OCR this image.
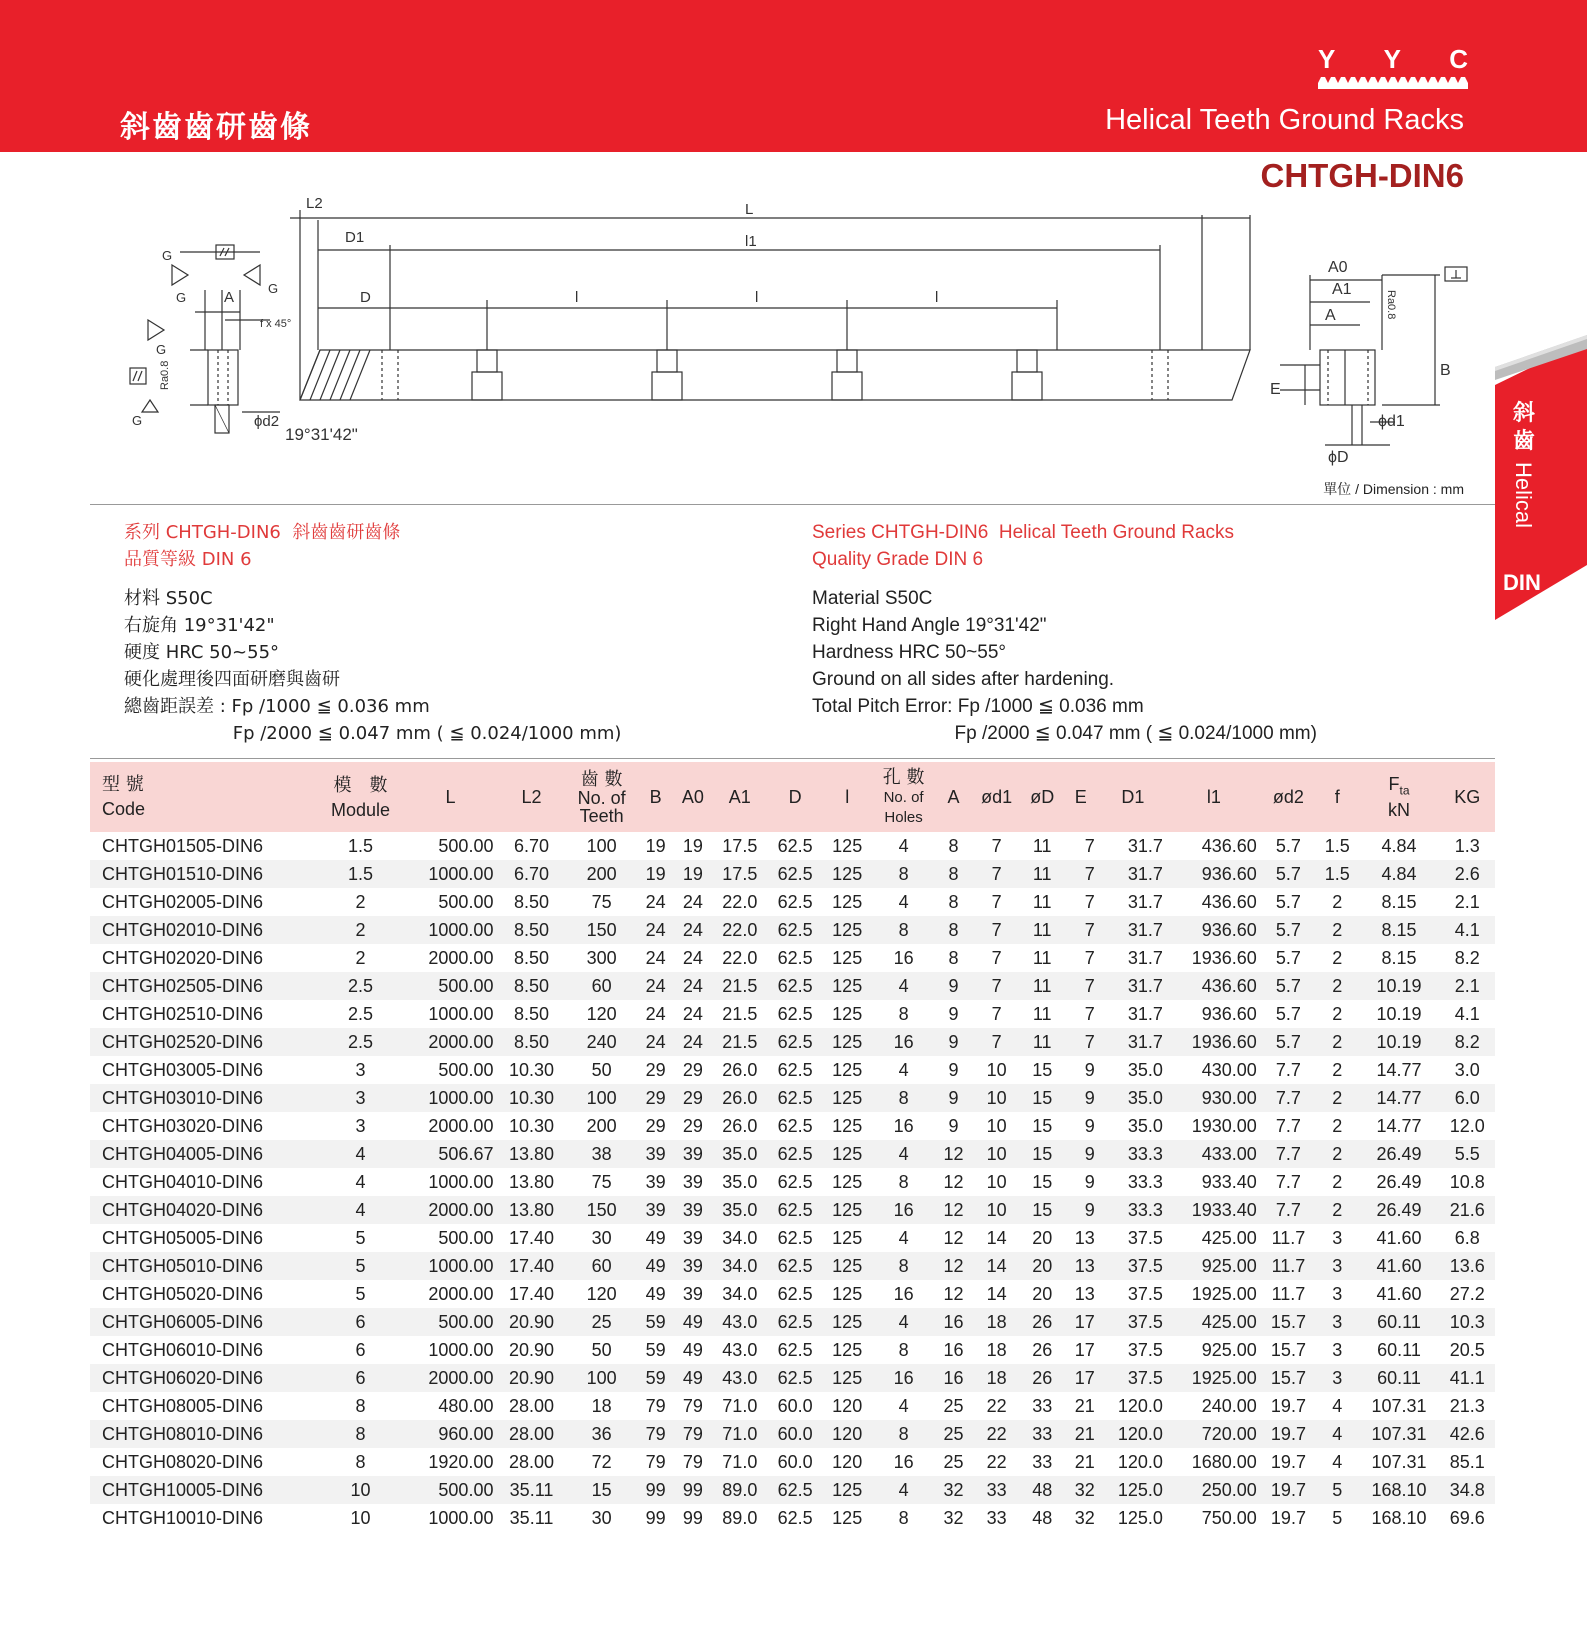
斜齒齒研齒條	Helical Teeth Ground Racks
Y Y C
CHTGH-DIN6
G
G
G
G
G
A
f x 45°
Ra0.8
ϕd2
19°31'42"
L2	L
D1	l1
D	l	l	l
A0
A1
A
B
E
ϕd1
ϕD
Ra0.8
單位 / Dimension : mm
斜
齒
Helical
DIN
系列 CHTGH-DIN6  斜齒齒研齒條
品質等級 DIN 6
材料 S50C
右旋角 19°31'42"
硬度 HRC 50~55°
硬化處理後四面研磨與齒研
總齒距誤差 : Fp /1000 ≦ 0.036 mm
Fp /2000 ≦ 0.047 mm ( ≦ 0.024/1000 mm)
Series CHTGH-DIN6  Helical Teeth Ground Racks
Quality Grade DIN 6
Material S50C
Right Hand Angle 19°31'42"
Hardness HRC 50~55°
Ground on all sides after hardening.
Total Pitch Error: Fp /1000 ≦ 0.036 mm
Fp /2000 ≦ 0.047 mm ( ≦ 0.024/1000 mm)
型 號
Code	模　數
Module	L	L2	齒 數
No. of
Teeth	B	A0	A1	D	l	孔 數
No. of
Holes	A	ød1	øD	E	D1	l1	ød2	f	$F_{ta}$
kN	KG
CHTGH01505-DIN6	1.5	500.00	6.70	100	19	19	17.5	62.5	125	4	8	7	11	7	31.7	436.60	5.7	1.5	4.84	1.3
CHTGH01510-DIN6	1.5	1000.00	6.70	200	19	19	17.5	62.5	125	8	8	7	11	7	31.7	936.60	5.7	1.5	4.84	2.6
CHTGH02005-DIN6	2	500.00	8.50	75	24	24	22.0	62.5	125	4	8	7	11	7	31.7	436.60	5.7	2	8.15	2.1
CHTGH02010-DIN6	2	1000.00	8.50	150	24	24	22.0	62.5	125	8	8	7	11	7	31.7	936.60	5.7	2	8.15	4.1
CHTGH02020-DIN6	2	2000.00	8.50	300	24	24	22.0	62.5	125	16	8	7	11	7	31.7	1936.60	5.7	2	8.15	8.2
CHTGH02505-DIN6	2.5	500.00	8.50	60	24	24	21.5	62.5	125	4	9	7	11	7	31.7	436.60	5.7	2	10.19	2.1
CHTGH02510-DIN6	2.5	1000.00	8.50	120	24	24	21.5	62.5	125	8	9	7	11	7	31.7	936.60	5.7	2	10.19	4.1
CHTGH02520-DIN6	2.5	2000.00	8.50	240	24	24	21.5	62.5	125	16	9	7	11	7	31.7	1936.60	5.7	2	10.19	8.2
CHTGH03005-DIN6	3	500.00	10.30	50	29	29	26.0	62.5	125	4	9	10	15	9	35.0	430.00	7.7	2	14.77	3.0
CHTGH03010-DIN6	3	1000.00	10.30	100	29	29	26.0	62.5	125	8	9	10	15	9	35.0	930.00	7.7	2	14.77	6.0
CHTGH03020-DIN6	3	2000.00	10.30	200	29	29	26.0	62.5	125	16	9	10	15	9	35.0	1930.00	7.7	2	14.77	12.0
CHTGH04005-DIN6	4	506.67	13.80	38	39	39	35.0	62.5	125	4	12	10	15	9	33.3	433.00	7.7	2	26.49	5.5
CHTGH04010-DIN6	4	1000.00	13.80	75	39	39	35.0	62.5	125	8	12	10	15	9	33.3	933.40	7.7	2	26.49	10.8
CHTGH04020-DIN6	4	2000.00	13.80	150	39	39	35.0	62.5	125	16	12	10	15	9	33.3	1933.40	7.7	2	26.49	21.6
CHTGH05005-DIN6	5	500.00	17.40	30	49	39	34.0	62.5	125	4	12	14	20	13	37.5	425.00	11.7	3	41.60	6.8
CHTGH05010-DIN6	5	1000.00	17.40	60	49	39	34.0	62.5	125	8	12	14	20	13	37.5	925.00	11.7	3	41.60	13.6
CHTGH05020-DIN6	5	2000.00	17.40	120	49	39	34.0	62.5	125	16	12	14	20	13	37.5	1925.00	11.7	3	41.60	27.2
CHTGH06005-DIN6	6	500.00	20.90	25	59	49	43.0	62.5	125	4	16	18	26	17	37.5	425.00	15.7	3	60.11	10.3
CHTGH06010-DIN6	6	1000.00	20.90	50	59	49	43.0	62.5	125	8	16	18	26	17	37.5	925.00	15.7	3	60.11	20.5
CHTGH06020-DIN6	6	2000.00	20.90	100	59	49	43.0	62.5	125	16	16	18	26	17	37.5	1925.00	15.7	3	60.11	41.1
CHTGH08005-DIN6	8	480.00	28.00	18	79	79	71.0	60.0	120	4	25	22	33	21	120.0	240.00	19.7	4	107.31	21.3
CHTGH08010-DIN6	8	960.00	28.00	36	79	79	71.0	60.0	120	8	25	22	33	21	120.0	720.00	19.7	4	107.31	42.6
CHTGH08020-DIN6	8	1920.00	28.00	72	79	79	71.0	60.0	120	16	25	22	33	21	120.0	1680.00	19.7	4	107.31	85.1
CHTGH10005-DIN6	10	500.00	35.11	15	99	99	89.0	62.5	125	4	32	33	48	32	125.0	250.00	19.7	5	168.10	34.8
CHTGH10010-DIN6	10	1000.00	35.11	30	99	99	89.0	62.5	125	8	32	33	48	32	125.0	750.00	19.7	5	168.10	69.6
